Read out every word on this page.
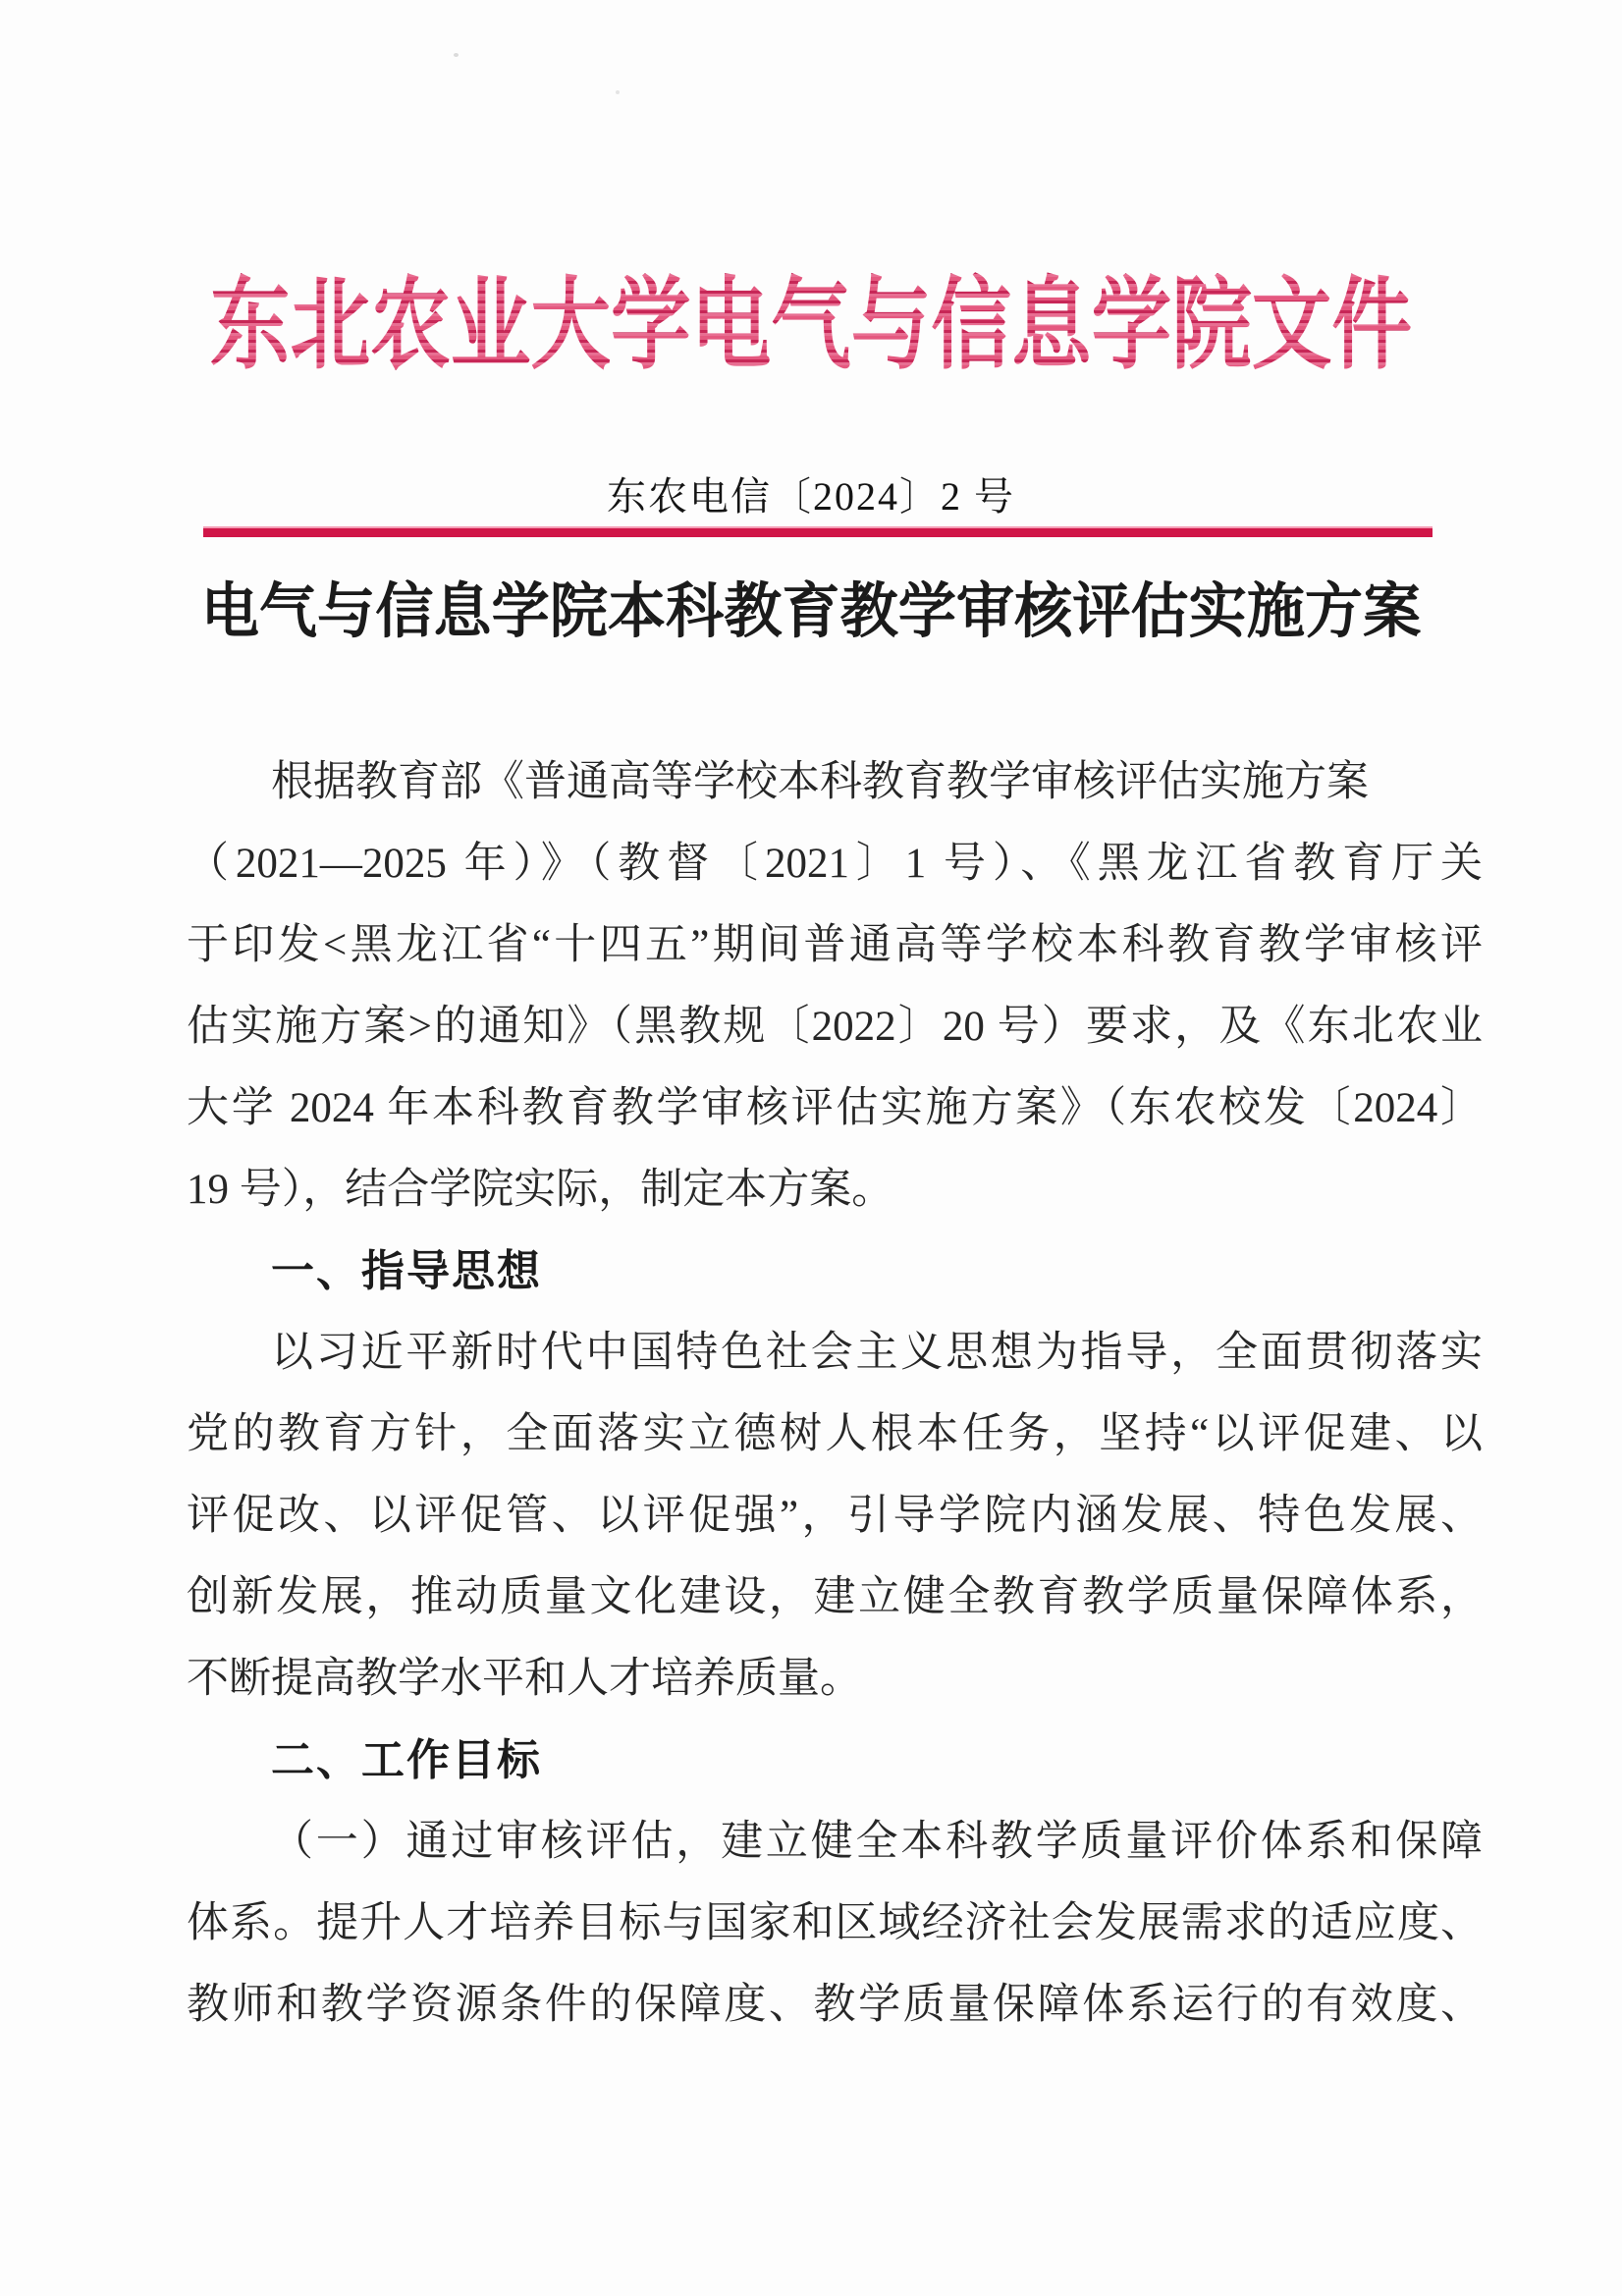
东北农业大学电气与信息学院文件
东农电信〔2024〕2 号
电气与信息学院本科教育教学审核评估实施方案
根据教育部《普通高等学校本科教育教学审核评估实施方案
（2021—2025 年）》（教督〔2021〕1 号）、《黑龙江省教育厅关
于印发<黑龙江省“十四五”期间普通高等学校本科教育教学审核评
估实施方案>的通知》（黑教规〔2022〕20 号）要求，及《东北农业
大学 2024 年本科教育教学审核评估实施方案》（东农校发〔2024〕
19 号），结合学院实际，制定本方案。
一、指导思想
以习近平新时代中国特色社会主义思想为指导，全面贯彻落实
党的教育方针，全面落实立德树人根本任务，坚持“以评促建、以
评促改、以评促管、以评促强”，引导学院内涵发展、特色发展、
创新发展，推动质量文化建设，建立健全教育教学质量保障体系，
不断提高教学水平和人才培养质量。
二、工作目标
（一）通过审核评估，建立健全本科教学质量评价体系和保障
体系。提升人才培养目标与国家和区域经济社会发展需求的适应度、
教师和教学资源条件的保障度、教学质量保障体系运行的有效度、
